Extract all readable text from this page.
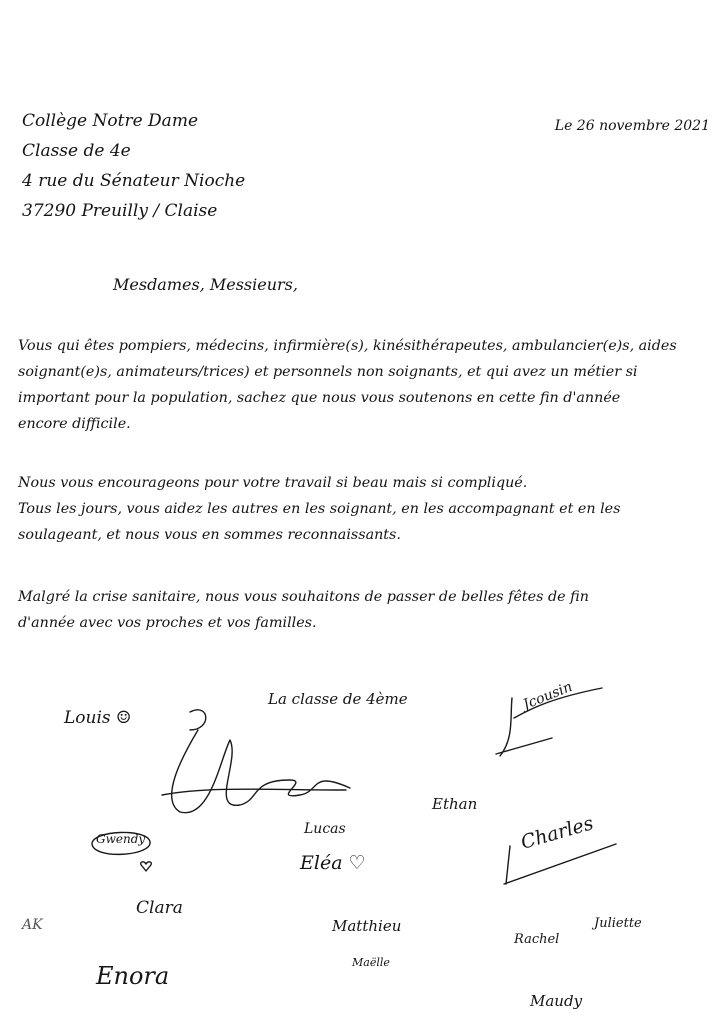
Collège Notre Dame
Classe de 4e
4 rue du Sénateur Nioche
37290 Preuilly / Claise
Le 26 novembre 2021
Mesdames, Messieurs,
Vous qui êtes pompiers, médecins, infirmière(s), kinésithérapeutes, ambulancier(e)s, aides
soignant(e)s, animateurs/trices) et personnels non soignants, et qui avez un métier si
important pour la population, sachez que nous vous soutenons en cette fin d'année
encore difficile.
Nous vous encourageons pour votre travail si beau mais si compliqué.
Tous les jours, vous aidez les autres en les soignant, en les accompagnant et en les
soulageant, et nous vous en sommes reconnaissants.
Malgré la crise sanitaire, nous vous souhaitons de passer de belles fêtes de fin
d'année avec vos proches et vos familles.
La classe de 4ème
Louis ☺
Jcousin
Ethan
Gwendy
Lucas
Eléa ♡
Charles
AK
Clara
Matthieu
Maëlle
Rachel
Juliette
Enora
Maudy
